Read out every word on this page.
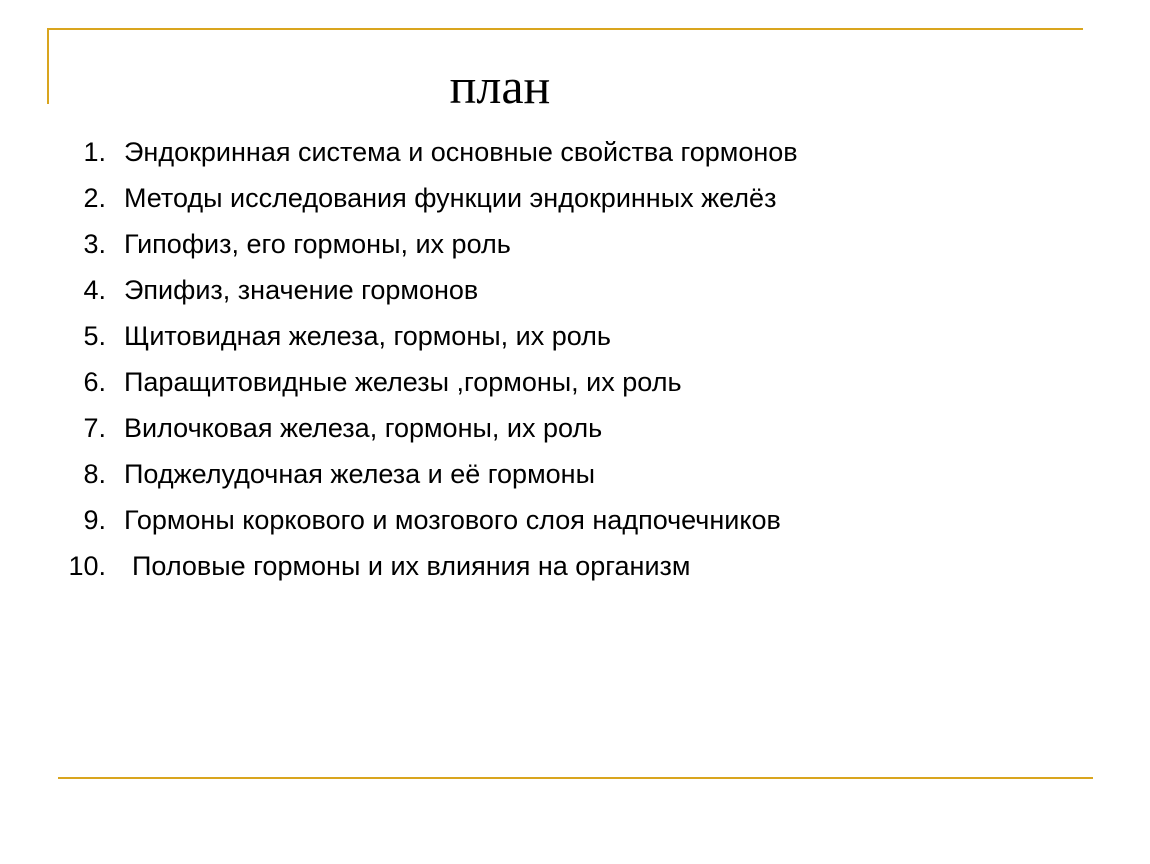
план
1. Эндокринная система и основные свойства гормонов
2. Методы исследования функции эндокринных желёз
3. Гипофиз, его гормоны, их роль
4. Эпифиз, значение гормонов
5. Щитовидная железа, гормоны, их роль
6. Паращитовидные железы ,гормоны, их роль
7. Вилочковая железа, гормоны, их роль
8. Поджелудочная железа и её гормоны
9. Гормоны коркового и мозгового слоя надпочечников
10. Половые гормоны и их влияния на организм
